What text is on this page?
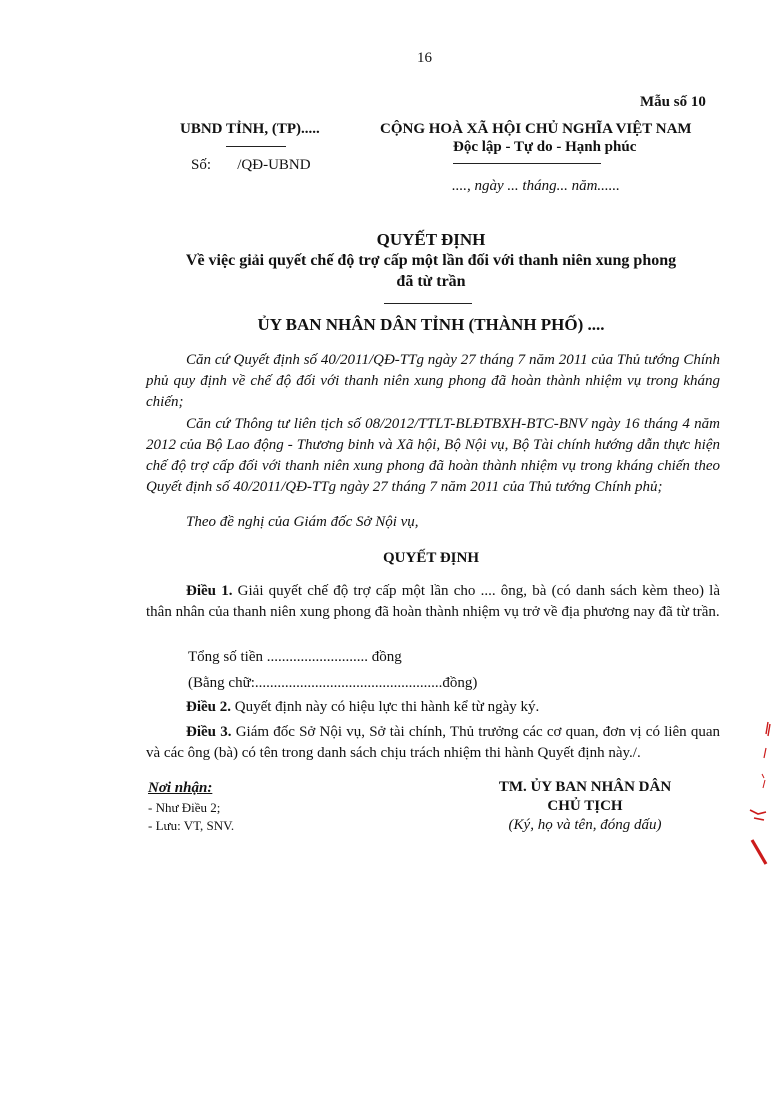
16
Mẫu số 10
UBND TỈNH, (TP).....
Số:       /QĐ-UBND
CỘNG HOÀ XÃ HỘI CHỦ NGHĨA VIỆT NAM
Độc lập - Tự do - Hạnh phúc
...., ngày ... tháng... năm......
QUYẾT ĐỊNH
Về việc giải quyết chế độ trợ cấp một lần đối với thanh niên xung phong
đã từ trần
ỦY BAN NHÂN DÂN TỈNH (THÀNH PHỐ) ....
Căn cứ Quyết định số 40/2011/QĐ-TTg ngày 27 tháng 7 năm 2011 của Thủ tướng Chính phủ quy định về chế độ đối với thanh niên xung phong đã hoàn thành nhiệm vụ trong kháng chiến;
Căn cứ Thông tư liên tịch số 08/2012/TTLT-BLĐTBXH-BTC-BNV ngày 16 tháng 4 năm 2012 của Bộ Lao động - Thương binh và Xã hội, Bộ Nội vụ, Bộ Tài chính hướng dẫn thực hiện chế độ trợ cấp đối với thanh niên xung phong đã hoàn thành nhiệm vụ trong kháng chiến theo Quyết định số 40/2011/QĐ-TTg ngày 27 tháng 7 năm 2011 của Thủ tướng Chính phủ;
Theo đề nghị của Giám đốc Sở Nội vụ,
QUYẾT ĐỊNH
Điều 1. Giải quyết chế độ trợ cấp một lần cho .... ông, bà (có danh sách kèm theo) là thân nhân của thanh niên xung phong đã hoàn thành nhiệm vụ trở về địa phương nay đã từ trần.
Tổng số tiền ........................... đồng
(Bằng chữ:..................................................đồng)
Điều 2. Quyết định này có hiệu lực thi hành kể từ ngày ký.
Điều 3. Giám đốc Sở Nội vụ, Sở tài chính, Thủ trưởng các cơ quan, đơn vị có liên quan và các ông (bà) có tên trong danh sách chịu trách nhiệm thi hành Quyết định này./.
Nơi nhận:
- Như Điều 2;
- Lưu: VT, SNV.
TM. ỦY BAN NHÂN DÂN
CHỦ TỊCH
(Ký, họ và tên, đóng dấu)
